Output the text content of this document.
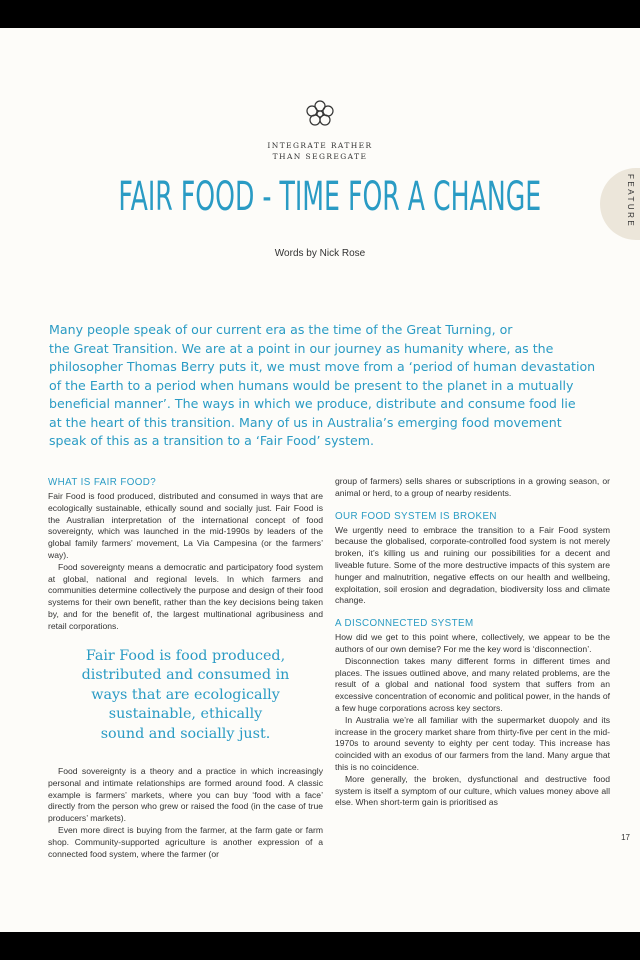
INTEGRATE RATHER
THAN SEGREGATE
FAIR FOOD - TIME FOR A CHANGE
Words by Nick Rose
FEATURE
Many people speak of our current era as the time of the Great Turning, or
the Great Transition. We are at a point in our journey as humanity where, as the
philosopher Thomas Berry puts it, we must move from a ‘period of human devastation
of the Earth to a period when humans would be present to the planet in a mutually
beneficial manner’. The ways in which we produce, distribute and consume food lie
at the heart of this transition. Many of us in Australia’s emerging food movement
speak of this as a transition to a ‘Fair Food’ system.
WHAT IS FAIR FOOD?

Fair Food is food produced, distributed and consumed in ways that are ecologically sustainable, ethically sound and socially just. Fair Food is the Australian interpretation of the international concept of food sovereignty, which was launched in the mid-1990s by leaders of the global family farmers’ movement, La Via Campesina (or the farmers’ way).

Food sovereignty means a democratic and participatory food system at global, national and regional levels. In which farmers and communities determine collectively the purpose and design of their food systems for their own benefit, rather than the key decisions being taken by, and for the benefit of, the largest multinational agribusiness and retail corporations.

Fair Food is food produced,
distributed and consumed in
ways that are ecologically
sustainable, ethically
sound and socially just.

Food sovereignty is a theory and a practice in which increasingly personal and intimate relationships are formed around food. A classic example is farmers’ markets, where you can buy ‘food with a face’ directly from the person who grew or raised the food (in the case of true producers’ markets).

Even more direct is buying from the farmer, at the farm gate or farm shop. Community-supported agriculture is another expression of a connected food system, where the farmer (or

group of farmers) sells shares or subscriptions in a growing season, or animal or herd, to a group of nearby residents.

OUR FOOD SYSTEM IS BROKEN

We urgently need to embrace the transition to a Fair Food system because the globalised, corporate-controlled food system is not merely broken, it’s killing us and ruining our possibilities for a decent and liveable future. Some of the more destructive impacts of this system are hunger and malnutrition, negative effects on our health and wellbeing, exploitation, soil erosion and degradation, biodiversity loss and climate change.

A DISCONNECTED SYSTEM

How did we get to this point where, collectively, we appear to be the authors of our own demise? For me the key word is ‘disconnection’.

Disconnection takes many different forms in different times and places. The issues outlined above, and many related problems, are the result of a global and national food system that suffers from an excessive concentration of economic and political power, in the hands of a few huge corporations across key sectors.

In Australia we’re all familiar with the supermarket duopoly and its increase in the grocery market share from thirty-five per cent in the mid-1970s to around seventy to eighty per cent today. This increase has coincided with an exodus of our farmers from the land. Many argue that this is no coincidence.

More generally, the broken, dysfunctional and destructive food system is itself a symptom of our culture, which values money above all else. When short-term gain is prioritised as

17
